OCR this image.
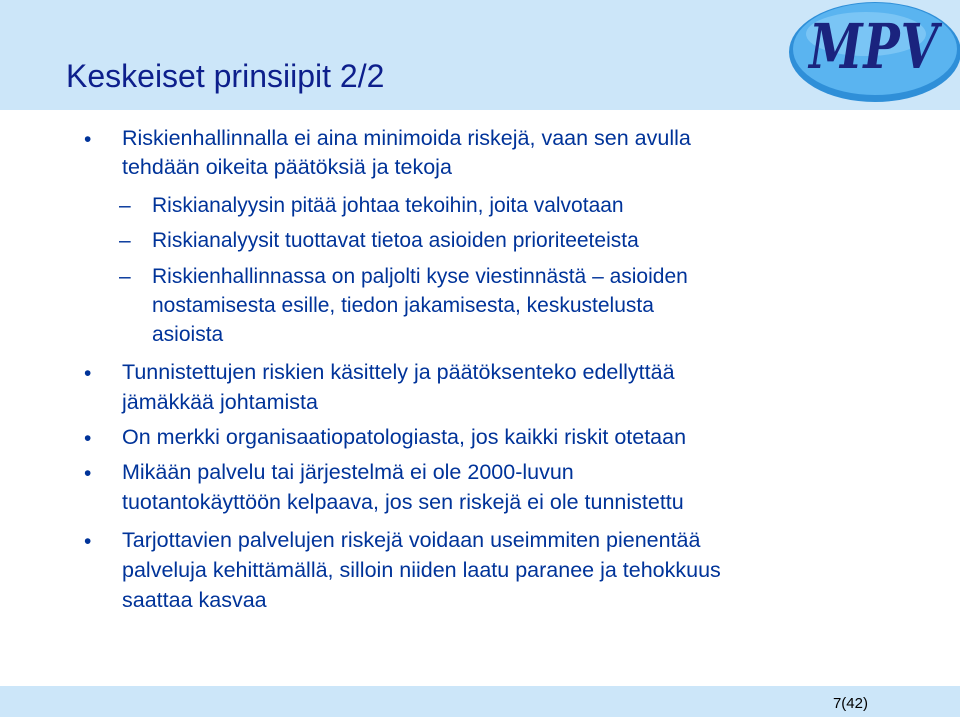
Keskeiset prinsiipit 2/2	MPV
• Riskienhallinnalla ei aina minimoida riskejä, vaan sen avulla

tehdään oikeita päätöksiä ja tekoja

– Riskianalyysin pitää johtaa tekoihin, joita valvotaan

– Riskianalyysit tuottavat tietoa asioiden prioriteeteista

– Riskienhallinnassa on paljolti kyse viestinnästä – asioiden

nostamisesta esille, tiedon jakamisesta, keskustelusta

asioista

• Tunnistettujen riskien käsittely ja päätöksenteko edellyttää

jämäkkää johtamista

• On merkki organisaatiopatologiasta, jos kaikki riskit otetaan

• Mikään palvelu tai järjestelmä ei ole 2000-luvun

tuotantokäyttöön kelpaava, jos sen riskejä ei ole tunnistettu

• Tarjottavien palvelujen riskejä voidaan useimmiten pienentää

palveluja kehittämällä, silloin niiden laatu paranee ja tehokkuus

saattaa kasvaa

7(42)
